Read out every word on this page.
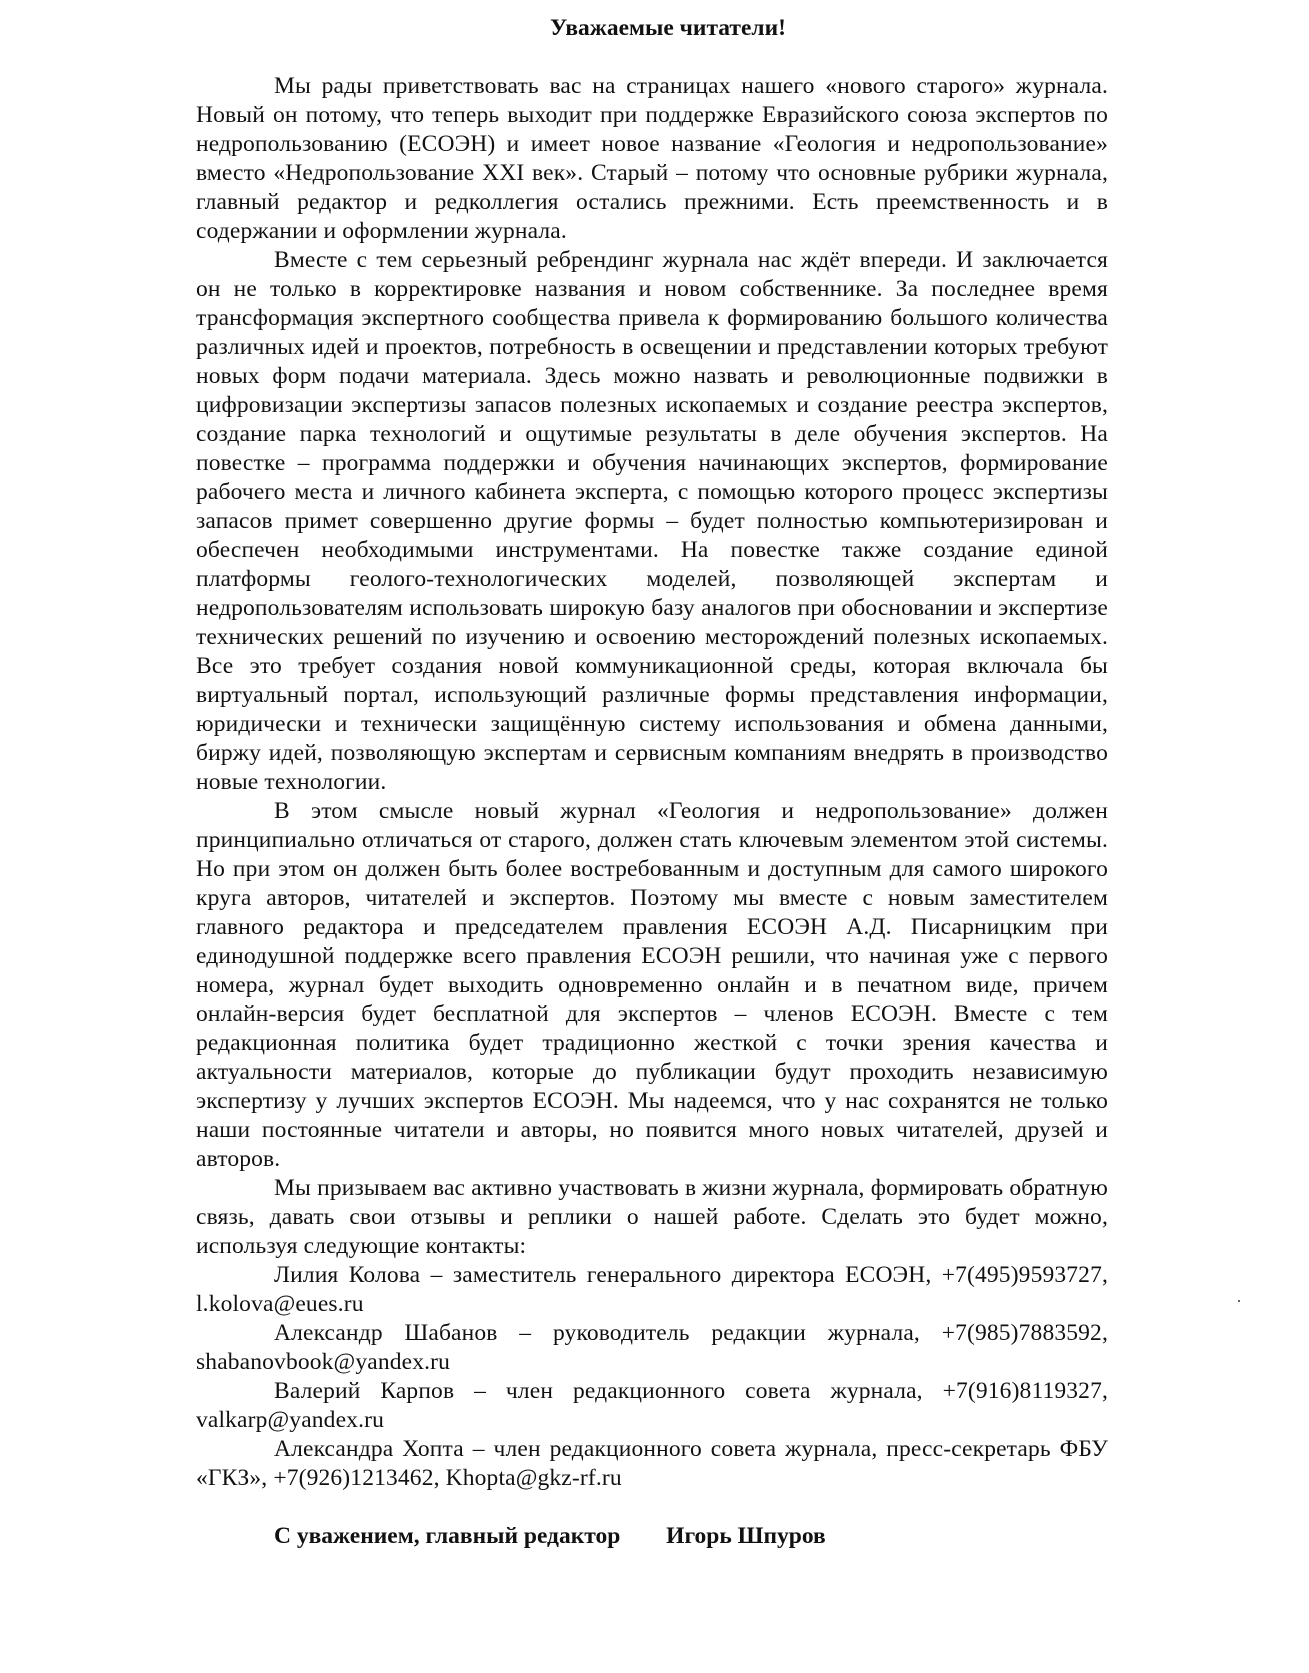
Уважаемые читатели!

Мы рады приветствовать вас на страницах нашего «нового старого» журнала. Новый он потому, что теперь выходит при поддержке Евразийского союза экспертов по недропользованию (ЕСОЭН) и имеет новое название «Геология и недропользование» вместо «Недропользование XXI век». Старый – потому что основные рубрики журнала, главный редактор и редколлегия остались прежними. Есть преемственность и в содержании и оформлении журнала.

Вместе с тем серьезный ребрендинг журнала нас ждёт впереди. И заключается он не только в корректировке названия и новом собственнике. За последнее время трансформация экспертного сообщества привела к формированию большого количества различных идей и проектов, потребность в освещении и представлении которых требуют новых форм подачи материала. Здесь можно назвать и революционные подвижки в цифровизации экспертизы запасов полезных ископаемых и создание реестра экспертов, создание парка технологий и ощутимые результаты в деле обучения экспертов. На повестке – программа поддержки и обучения начинающих экспертов, формирование рабочего места и личного кабинета эксперта, с помощью которого процесс экспертизы запасов примет совершенно другие формы – будет полностью компьютеризирован и обеспечен необходимыми инструментами. На повестке также создание единой платформы геолого-технологических моделей, позволяющей экспертам и недропользователям использовать широкую базу аналогов при обосновании и экспертизе технических решений по изучению и освоению месторождений полезных ископаемых. Все это требует создания новой коммуникационной среды, которая включала бы виртуальный портал, использующий различные формы представления информации, юридически и технически защищённую систему использования и обмена данными, биржу идей, позволяющую экспертам и сервисным компаниям внедрять в производство новые технологии.

В этом смысле новый журнал «Геология и недропользование» должен принципиально отличаться от старого, должен стать ключевым элементом этой системы. Но при этом он должен быть более востребованным и доступным для самого широкого круга авторов, читателей и экспертов. Поэтому мы вместе с новым заместителем главного редактора и председателем правления ЕСОЭН А.Д. Писарницким при единодушной поддержке всего правления ЕСОЭН решили, что начиная уже с первого номера, журнал будет выходить одновременно онлайн и в печатном виде, причем онлайн-версия будет бесплатной для экспертов – членов ЕСОЭН. Вместе с тем редакционная политика будет традиционно жесткой с точки зрения качества и актуальности материалов, которые до публикации будут проходить независимую экспертизу у лучших экспертов ЕСОЭН. Мы надеемся, что у нас сохранятся не только наши постоянные читатели и авторы, но появится много новых читателей, друзей и авторов.

Мы призываем вас активно участвовать в жизни журнала, формировать обратную связь, давать свои отзывы и реплики о нашей работе. Сделать это будет можно, используя следующие контакты:

Лилия Колова – заместитель генерального директора ЕСОЭН, +7(495)9593727, l.kolova@eues.ru

Александр Шабанов – руководитель редакции журнала, +7(985)7883592, shabanovbook@yandex.ru

Валерий Карпов – член редакционного совета журнала, +7(916)8119327, valkarp@yandex.ru

Александра Хопта – член редакционного совета журнала, пресс-секретарь ФБУ «ГКЗ», +7(926)1213462, Khopta@gkz-rf.ru

С уважением, главный редактор Игорь Шпуров
